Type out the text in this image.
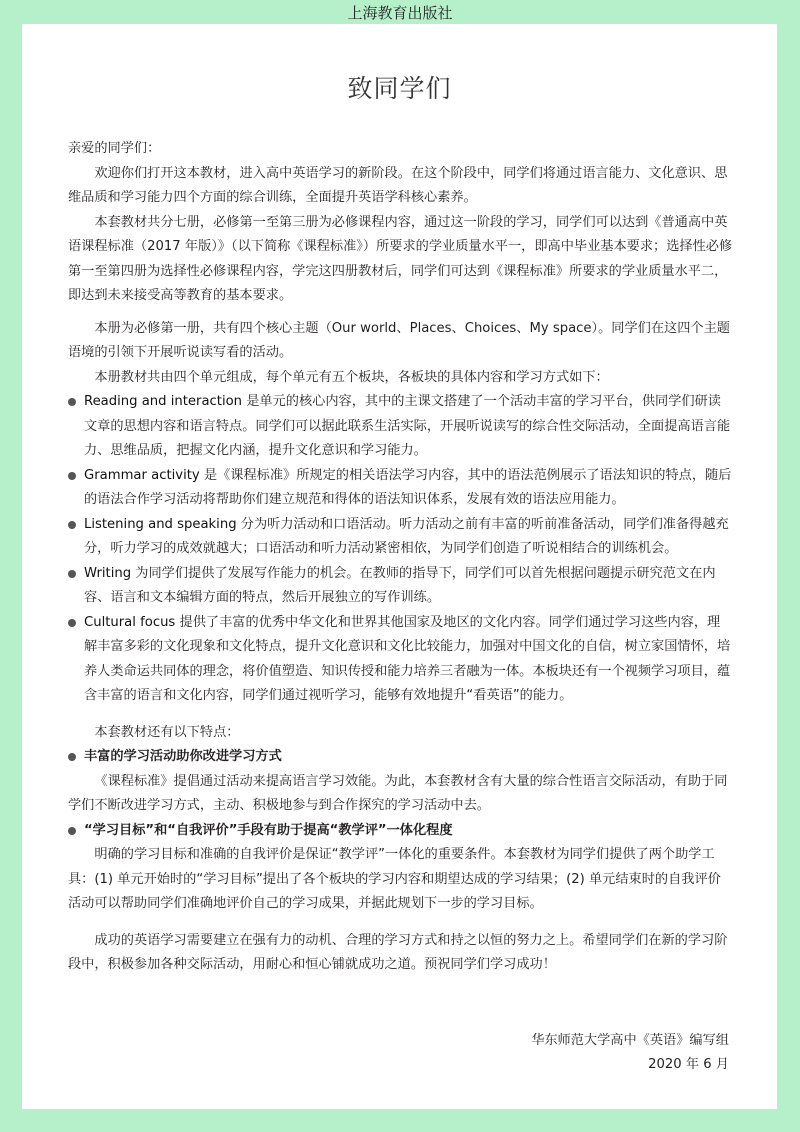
上海教育出版社
致同学们

亲爱的同学们：

欢迎你们打开这本教材，进入高中英语学习的新阶段。在这个阶段中，同学们将通过语言能力、文化意识、思维品质和学习能力四个方面的综合训练，全面提升英语学科核心素养。

本套教材共分七册，必修第一至第三册为必修课程内容，通过这一阶段的学习，同学们可以达到《普通高中英语课程标准（2017 年版）》（以下简称《课程标准》）所要求的学业质量水平一，即高中毕业基本要求；选择性必修第一至第四册为选择性必修课程内容，学完这四册教材后，同学们可达到《课程标准》所要求的学业质量水平二，即达到未来接受高等教育的基本要求。

本册为必修第一册，共有四个核心主题（Our world、Places、Choices、My space）。同学们在这四个主题语境的引领下开展听说读写看的活动。

本册教材共由四个单元组成，每个单元有五个板块，各板块的具体内容和学习方式如下：

Reading and interaction 是单元的核心内容，其中的主课文搭建了一个活动丰富的学习平台，供同学们研读文章的思想内容和语言特点。同学们可以据此联系生活实际，开展听说读写的综合性交际活动，全面提高语言能力、思维品质，把握文化内涵，提升文化意识和学习能力。
Grammar activity 是《课程标准》所规定的相关语法学习内容，其中的语法范例展示了语法知识的特点，随后的语法合作学习活动将帮助你们建立规范和得体的语法知识体系，发展有效的语法应用能力。
Listening and speaking 分为听力活动和口语活动。听力活动之前有丰富的听前准备活动，同学们准备得越充分，听力学习的成效就越大；口语活动和听力活动紧密相依，为同学们创造了听说相结合的训练机会。
Writing 为同学们提供了发展写作能力的机会。在教师的指导下，同学们可以首先根据问题提示研究范文在内容、语言和文本编辑方面的特点，然后开展独立的写作训练。
Cultural focus 提供了丰富的优秀中华文化和世界其他国家及地区的文化内容。同学们通过学习这些内容，理解丰富多彩的文化现象和文化特点，提升文化意识和文化比较能力，加强对中国文化的自信，树立家国情怀，培养人类命运共同体的理念，将价值塑造、知识传授和能力培养三者融为一体。本板块还有一个视频学习项目，蕴含丰富的语言和文化内容，同学们通过视听学习，能够有效地提升“看英语”的能力。

本套教材还有以下特点：

丰富的学习活动助你改进学习方式

《课程标准》提倡通过活动来提高语言学习效能。为此，本套教材含有大量的综合性语言交际活动，有助于同学们不断改进学习方式，主动、积极地参与到合作探究的学习活动中去。

“学习目标”和“自我评价”手段有助于提高“教学评”一体化程度

明确的学习目标和准确的自我评价是保证“教学评”一体化的重要条件。本套教材为同学们提供了两个助学工具：(1) 单元开始时的“学习目标”提出了各个板块的学习内容和期望达成的学习结果；(2) 单元结束时的自我评价活动可以帮助同学们准确地评价自己的学习成果，并据此规划下一步的学习目标。

成功的英语学习需要建立在强有力的动机、合理的学习方式和持之以恒的努力之上。希望同学们在新的学习阶段中，积极参加各种交际活动，用耐心和恒心铺就成功之道。预祝同学们学习成功！

华东师范大学高中《英语》编写组

2020 年 6 月
